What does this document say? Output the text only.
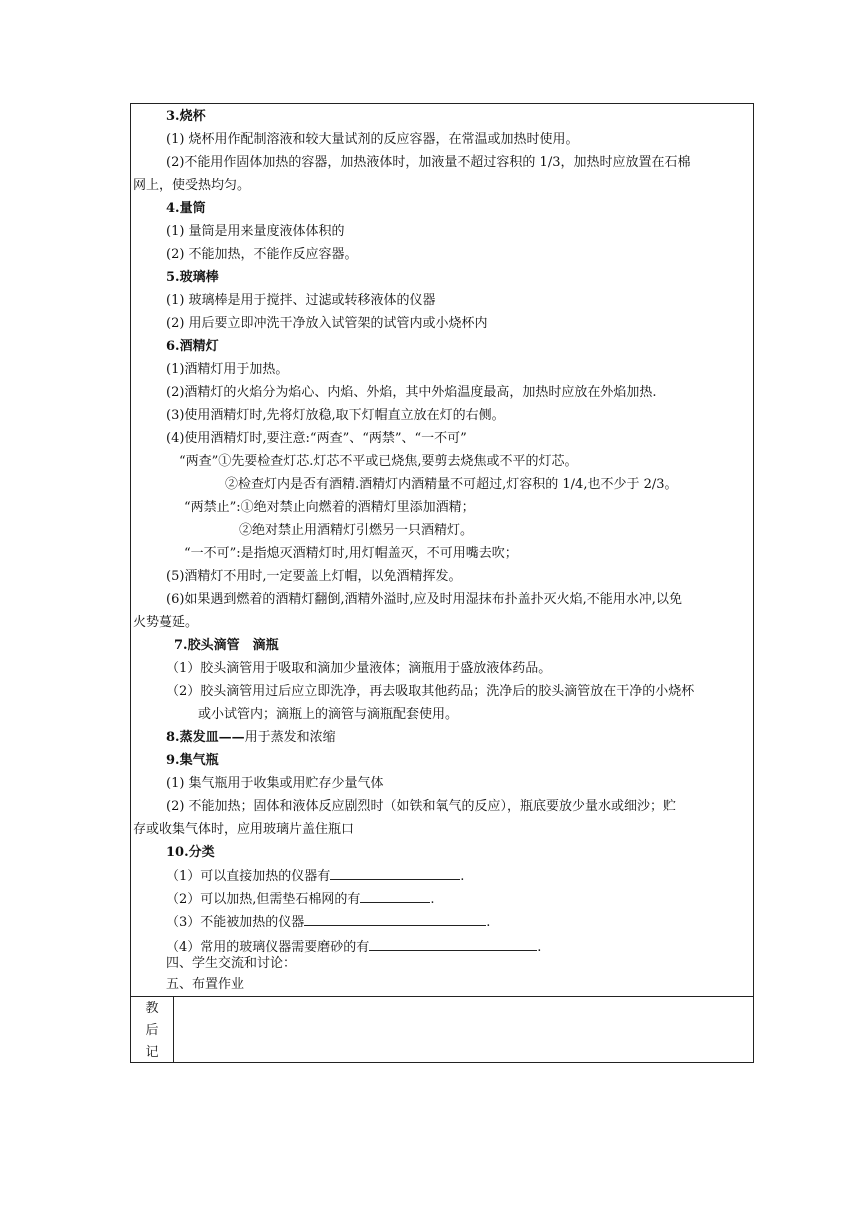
3.烧杯
(1) 烧杯用作配制溶液和较大量试剂的反应容器，在常温或加热时使用。
(2)不能用作固体加热的容器，加热液体时，加液量不超过容积的 1/3，加热时应放置在石棉
网上，使受热均匀。
4.量筒
(1) 量筒是用来量度液体体积的
(2) 不能加热，不能作反应容器。
5.玻璃棒
(1) 玻璃棒是用于搅拌、过滤或转移液体的仪器
(2) 用后要立即冲洗干净放入试管架的试管内或小烧杯内
6.酒精灯
(1)酒精灯用于加热。
(2)酒精灯的火焰分为焰心、内焰、外焰，其中外焰温度最高，加热时应放在外焰加热.
(3)使用酒精灯时,先将灯放稳,取下灯帽直立放在灯的右侧。
(4)使用酒精灯时,要注意:“两查”、“两禁”、“一不可”
“两查”①先要检查灯芯.灯芯不平或已烧焦,要剪去烧焦或不平的灯芯。
②检查灯内是否有酒精.酒精灯内酒精量不可超过,灯容积的 1/4,也不少于 2/3。
“两禁止”:①绝对禁止向燃着的酒精灯里添加酒精；
②绝对禁止用酒精灯引燃另一只酒精灯。
“一不可”:是指熄灭酒精灯时,用灯帽盖灭，不可用嘴去吹；
(5)酒精灯不用时,一定要盖上灯帽，以免酒精挥发。
(6)如果遇到燃着的酒精灯翻倒,酒精外溢时,应及时用湿抹布扑盖扑灭火焰,不能用水冲,以免
火势蔓延。
7.胶头滴管　滴瓶
（1）胶头滴管用于吸取和滴加少量液体；滴瓶用于盛放液体药品。
（2）胶头滴管用过后应立即洗净，再去吸取其他药品；洗净后的胶头滴管放在干净的小烧杯
或小试管内；滴瓶上的滴管与滴瓶配套使用。
8.蒸发皿——用于蒸发和浓缩
9.集气瓶
(1) 集气瓶用于收集或用贮存少量气体
(2) 不能加热；固体和液体反应剧烈时（如铁和氧气的反应），瓶底要放少量水或细沙；贮
存或收集气体时，应用玻璃片盖住瓶口
10.分类
（1）可以直接加热的仪器有	.
（2）可以加热,但需垫石棉网的有	.
（3）不能被加热的仪器	.
（4）常用的玻璃仪器需要磨砂的有	.
四、学生交流和讨论：
五、布置作业
教
后
记
